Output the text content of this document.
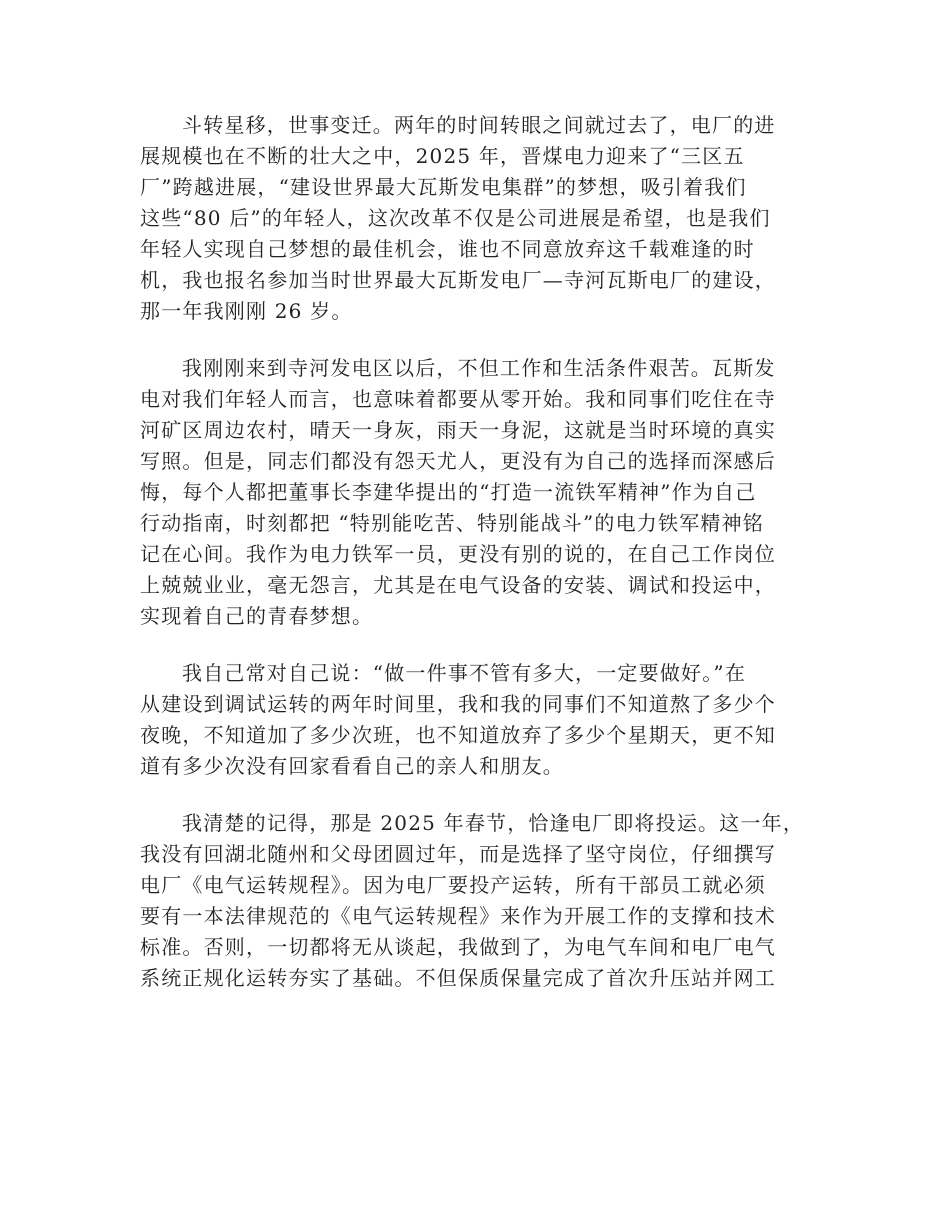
斗转星移，世事变迁。两年的时间转眼之间就过去了，电厂的进
展规模也在不断的壮大之中，2025 年，晋煤电力迎来了“三区五
厂”跨越进展，“建设世界最大瓦斯发电集群”的梦想，吸引着我们
这些“80 后”的年轻人，这次改革不仅是公司进展是希望，也是我们
年轻人实现自己梦想的最佳机会，谁也不同意放弃这千载难逢的时
机，我也报名参加当时世界最大瓦斯发电厂—寺河瓦斯电厂的建设，
那一年我刚刚 26 岁。
我刚刚来到寺河发电区以后，不但工作和生活条件艰苦。瓦斯发
电对我们年轻人而言，也意味着都要从零开始。我和同事们吃住在寺
河矿区周边农村，晴天一身灰，雨天一身泥，这就是当时环境的真实
写照。但是，同志们都没有怨天尤人，更没有为自己的选择而深感后
悔，每个人都把董事长李建华提出的“打造一流铁军精神”作为自己
行动指南，时刻都把 “特别能吃苦、特别能战斗”的电力铁军精神铭
记在心间。我作为电力铁军一员，更没有别的说的，在自己工作岗位
上兢兢业业，毫无怨言，尤其是在电气设备的安装、调试和投运中，
实现着自己的青春梦想。
我自己常对自己说：“做一件事不管有多大，一定要做好。”在
从建设到调试运转的两年时间里，我和我的同事们不知道熬了多少个
夜晚，不知道加了多少次班，也不知道放弃了多少个星期天，更不知
道有多少次没有回家看看自己的亲人和朋友。
我清楚的记得，那是 2025 年春节，恰逢电厂即将投运。这一年，
我没有回湖北随州和父母团圆过年，而是选择了坚守岗位，仔细撰写
电厂《电气运转规程》。因为电厂要投产运转，所有干部员工就必须
要有一本法律规范的《电气运转规程》来作为开展工作的支撑和技术
标准。否则，一切都将无从谈起，我做到了，为电气车间和电厂电气
系统正规化运转夯实了基础。不但保质保量完成了首次升压站并网工
